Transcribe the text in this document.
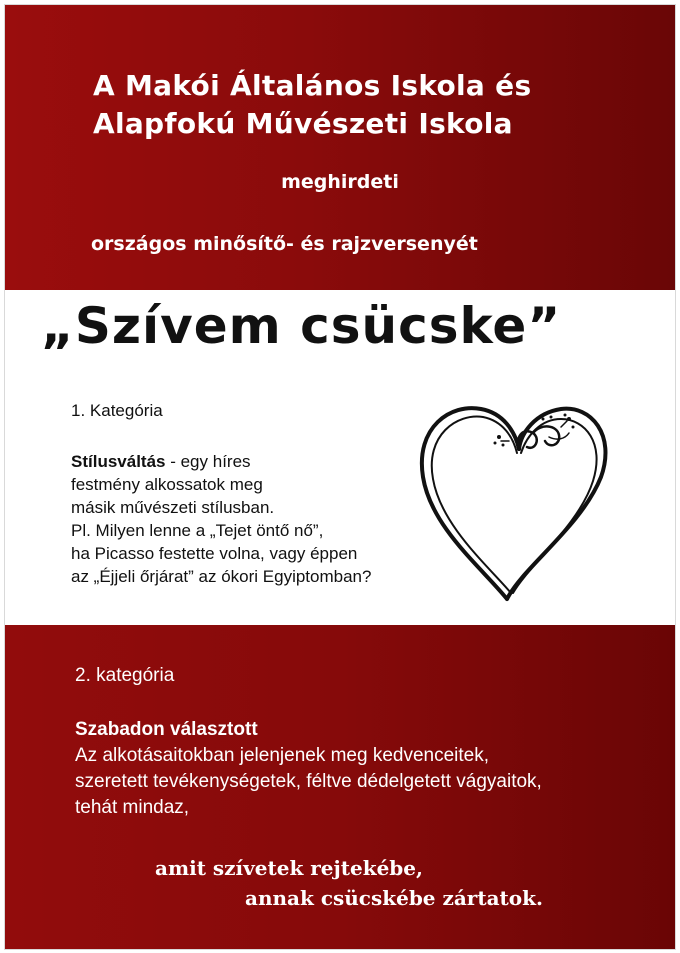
A Makói Általános Iskola és
Alapfokú Művészeti Iskola
meghirdeti
országos minősítő- és rajzversenyét
„Szívem csücske”
1. Kategória
Stílusváltás - egy híres
festmény alkossatok meg
másik művészeti stílusban.
Pl. Milyen lenne a „Tejet öntő nő”,
ha Picasso festette volna, vagy éppen
az „Éjjeli őrjárat” az ókori Egyiptomban?
2. kategória
Szabadon választott
Az alkotásaitokban jelenjenek meg kedvenceitek,
szeretett tevékenységetek, féltve dédelgetett vágyaitok,
tehát mindaz,
amit szívetek rejtekébe,
annak csücskébe zártatok.
